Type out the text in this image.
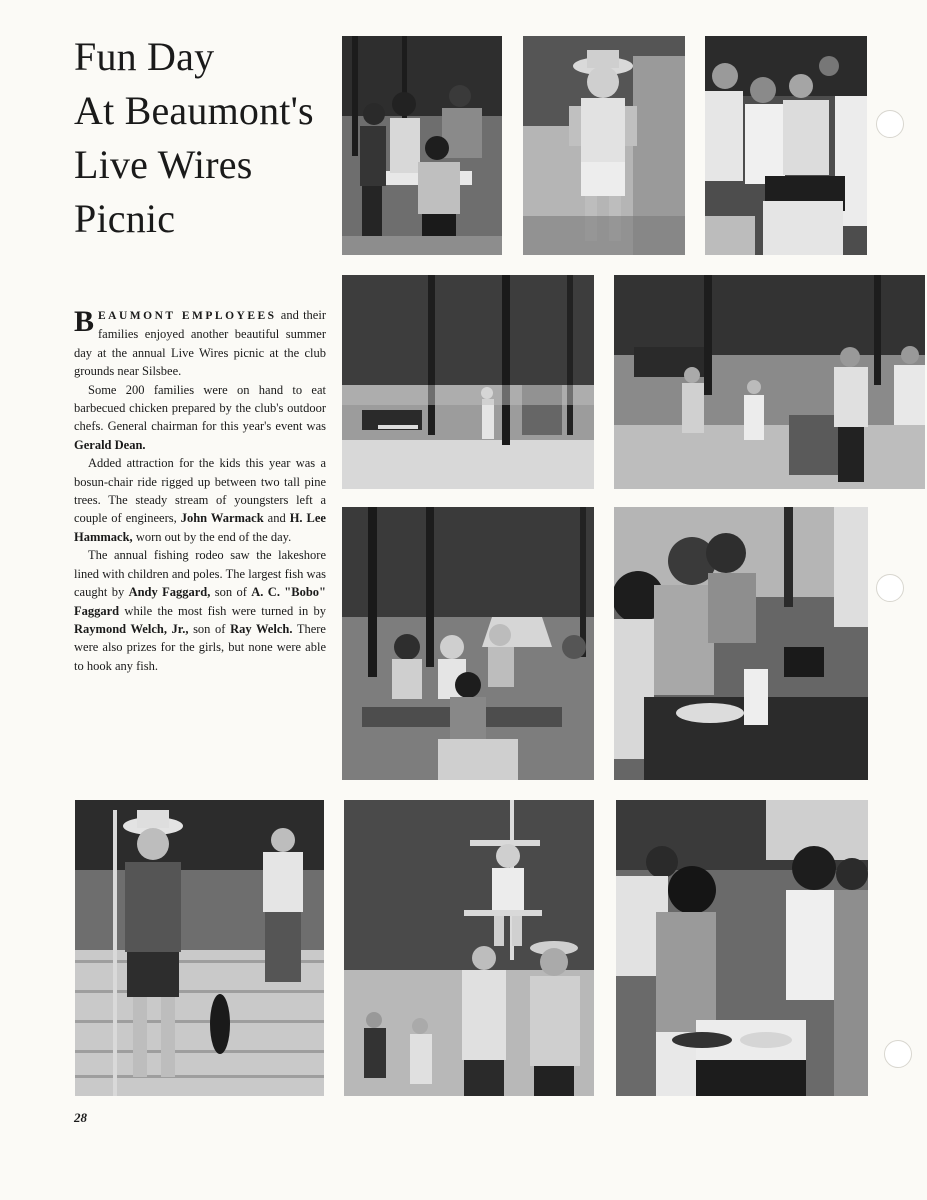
Fun Day
At Beaumont's
Live Wires
Picnic

BEAUMONT EMPLOYEES and their families enjoyed another beautiful summer day at the annual Live Wires picnic at the club grounds near Silsbee.

Some 200 families were on hand to eat barbecued chicken prepared by the club's outdoor chefs. General chairman for this year's event was Gerald Dean.

Added attraction for the kids this year was a bosun-chair ride rigged up between two tall pine trees. The steady stream of youngsters left a couple of engineers, John Warmack and H. Lee Hammack, worn out by the end of the day.

The annual fishing rodeo saw the lakeshore lined with children and poles. The largest fish was caught by Andy Faggard, son of A. C. "Bobo" Faggard while the most fish were turned in by Raymond Welch, Jr., son of Ray Welch. There were also prizes for the girls, but none were able to hook any fish.

28
